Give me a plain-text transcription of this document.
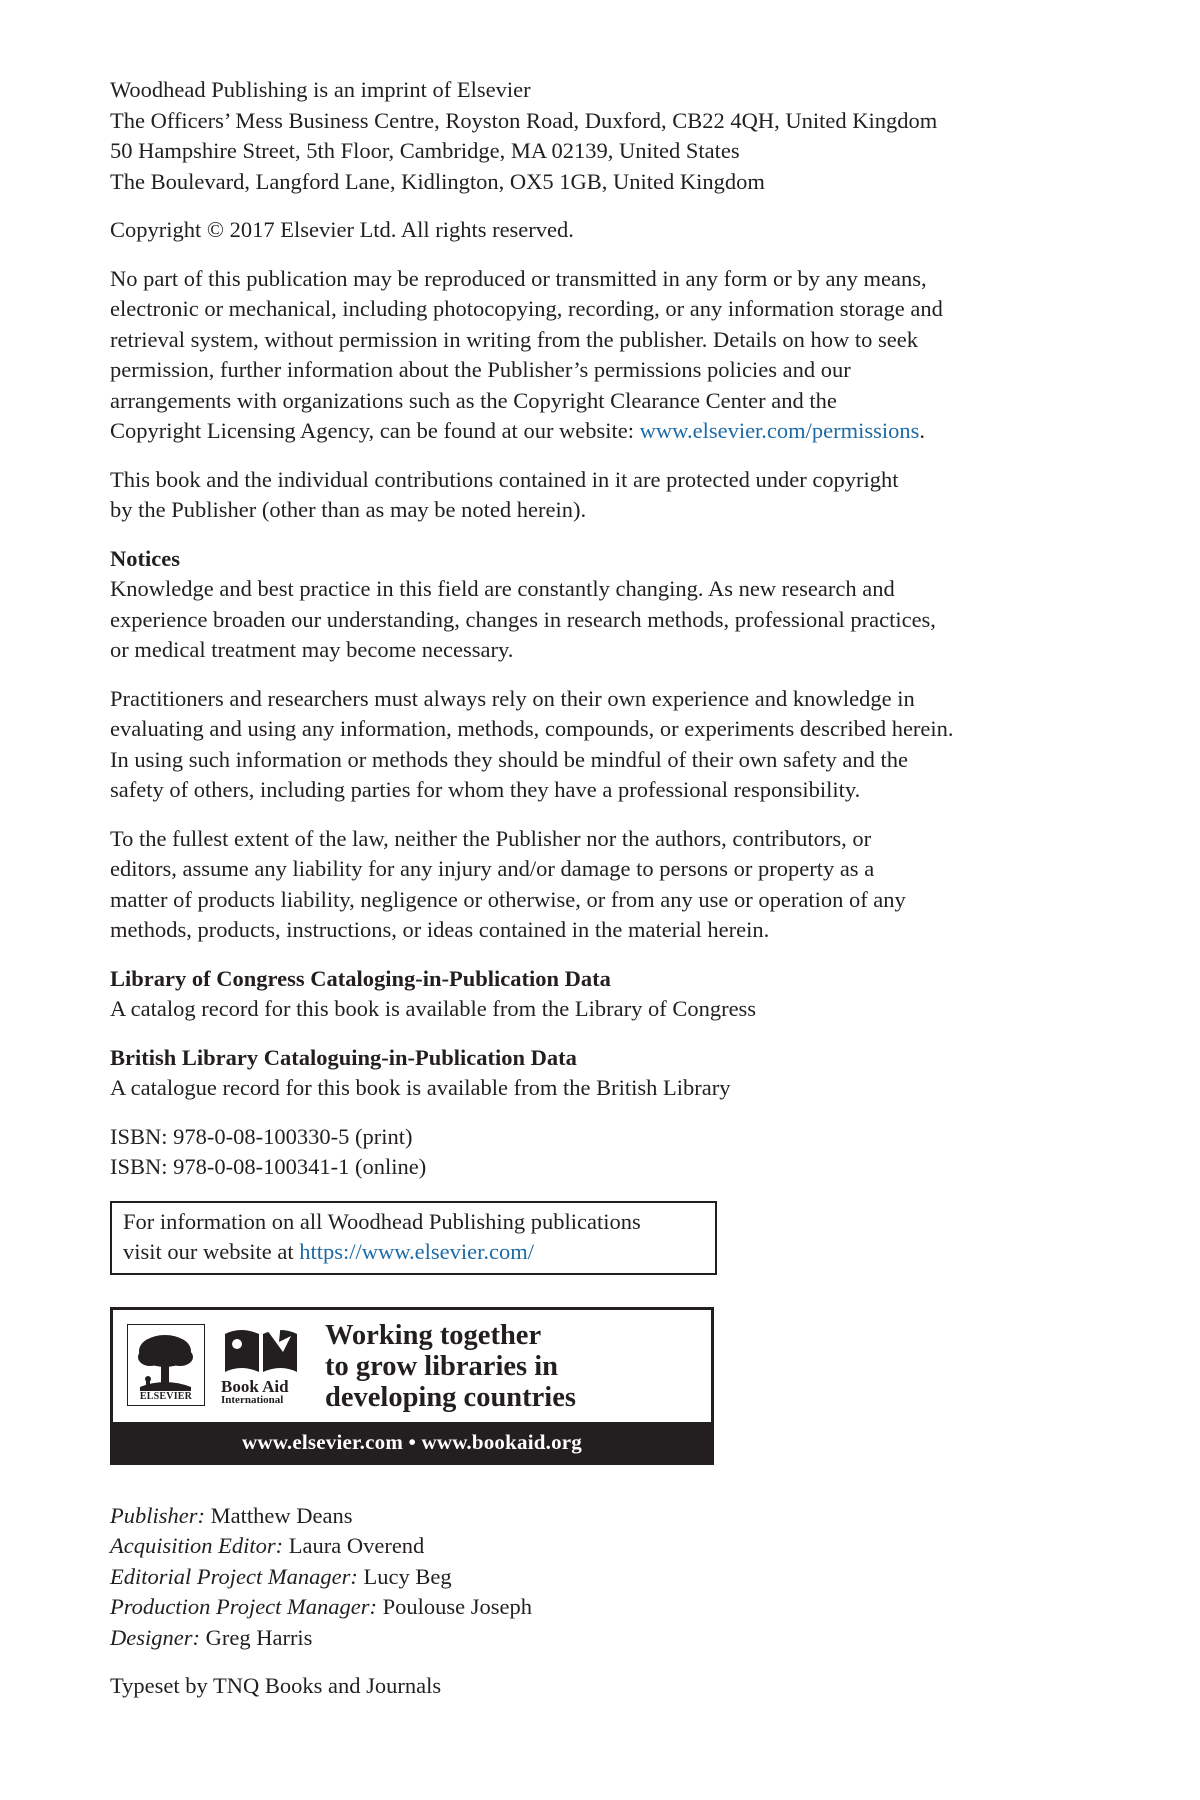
Woodhead Publishing is an imprint of Elsevier
The Officers’ Mess Business Centre, Royston Road, Duxford, CB22 4QH, United Kingdom
50 Hampshire Street, 5th Floor, Cambridge, MA 02139, United States
The Boulevard, Langford Lane, Kidlington, OX5 1GB, United Kingdom
Copyright © 2017 Elsevier Ltd. All rights reserved.
No part of this publication may be reproduced or transmitted in any form or by any means,
electronic or mechanical, including photocopying, recording, or any information storage and
retrieval system, without permission in writing from the publisher. Details on how to seek
permission, further information about the Publisher’s permissions policies and our
arrangements with organizations such as the Copyright Clearance Center and the
Copyright Licensing Agency, can be found at our website: www.elsevier.com/permissions.
This book and the individual contributions contained in it are protected under copyright
by the Publisher (other than as may be noted herein).
Notices
Knowledge and best practice in this field are constantly changing. As new research and
experience broaden our understanding, changes in research methods, professional practices,
or medical treatment may become necessary.
Practitioners and researchers must always rely on their own experience and knowledge in
evaluating and using any information, methods, compounds, or experiments described herein.
In using such information or methods they should be mindful of their own safety and the
safety of others, including parties for whom they have a professional responsibility.
To the fullest extent of the law, neither the Publisher nor the authors, contributors, or
editors, assume any liability for any injury and/or damage to persons or property as a
matter of products liability, negligence or otherwise, or from any use or operation of any
methods, products, instructions, or ideas contained in the material herein.
Library of Congress Cataloging-in-Publication Data
A catalog record for this book is available from the Library of Congress
British Library Cataloguing-in-Publication Data
A catalogue record for this book is available from the British Library
ISBN: 978-0-08-100330-5 (print)
ISBN: 978-0-08-100341-1 (online)
For information on all Woodhead Publishing publications
visit our website at https://www.elsevier.com/
ELSEVIER
Book Aid
International
Working together
to grow libraries in
developing countries
www.elsevier.com • www.bookaid.org
Publisher: Matthew Deans
Acquisition Editor: Laura Overend
Editorial Project Manager: Lucy Beg
Production Project Manager: Poulouse Joseph
Designer: Greg Harris
Typeset by TNQ Books and Journals
